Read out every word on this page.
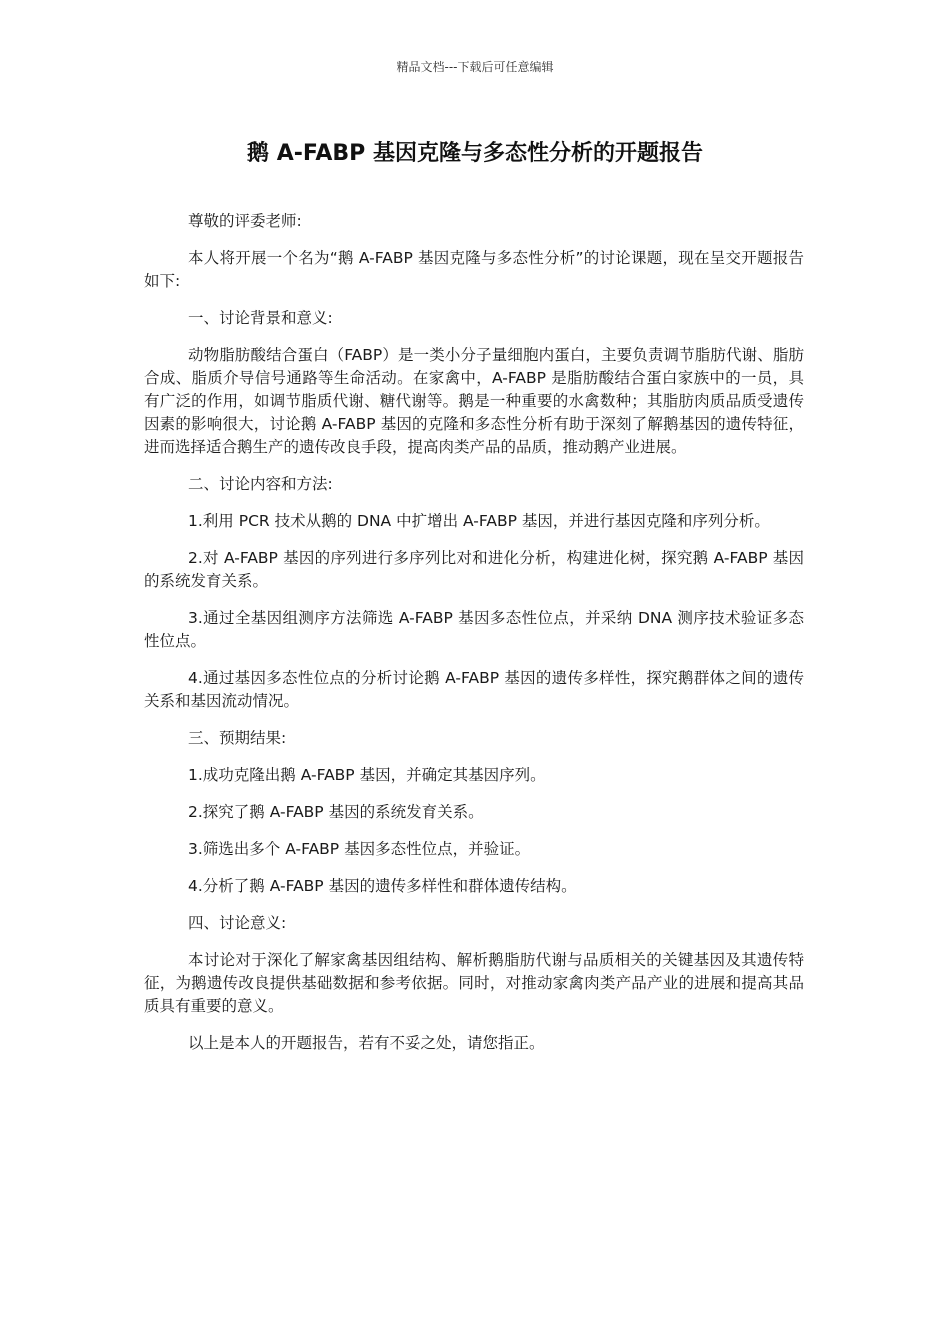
精品文档---下载后可任意编辑
鹅 A-FABP 基因克隆与多态性分析的开题报告

尊敬的评委老师:

本人将开展一个名为“鹅 A-FABP 基因克隆与多态性分析”的讨论课题，现在呈交开题报告如下:

一、讨论背景和意义:

动物脂肪酸结合蛋白（FABP）是一类小分子量细胞内蛋白，主要负责调节脂肪代谢、脂肪合成、脂质介导信号通路等生命活动。在家禽中，A-FABP 是脂肪酸结合蛋白家族中的一员，具有广泛的作用，如调节脂质代谢、糖代谢等。鹅是一种重要的水禽数种；其脂肪肉质品质受遗传因素的影响很大，讨论鹅 A-FABP 基因的克隆和多态性分析有助于深刻了解鹅基因的遗传特征，进而选择适合鹅生产的遗传改良手段，提高肉类产品的品质，推动鹅产业进展。

二、讨论内容和方法:

1.利用 PCR 技术从鹅的 DNA 中扩增出 A-FABP 基因，并进行基因克隆和序列分析。

2.对 A-FABP 基因的序列进行多序列比对和进化分析，构建进化树，探究鹅 A-FABP 基因的系统发育关系。

3.通过全基因组测序方法筛选 A-FABP 基因多态性位点，并采纳 DNA 测序技术验证多态性位点。

4.通过基因多态性位点的分析讨论鹅 A-FABP 基因的遗传多样性，探究鹅群体之间的遗传关系和基因流动情况。

三、预期结果:

1.成功克隆出鹅 A-FABP 基因，并确定其基因序列。

2.探究了鹅 A-FABP 基因的系统发育关系。

3.筛选出多个 A-FABP 基因多态性位点，并验证。

4.分析了鹅 A-FABP 基因的遗传多样性和群体遗传结构。

四、讨论意义:

本讨论对于深化了解家禽基因组结构、解析鹅脂肪代谢与品质相关的关键基因及其遗传特征，为鹅遗传改良提供基础数据和参考依据。同时，对推动家禽肉类产品产业的进展和提高其品质具有重要的意义。

以上是本人的开题报告，若有不妥之处，请您指正。
